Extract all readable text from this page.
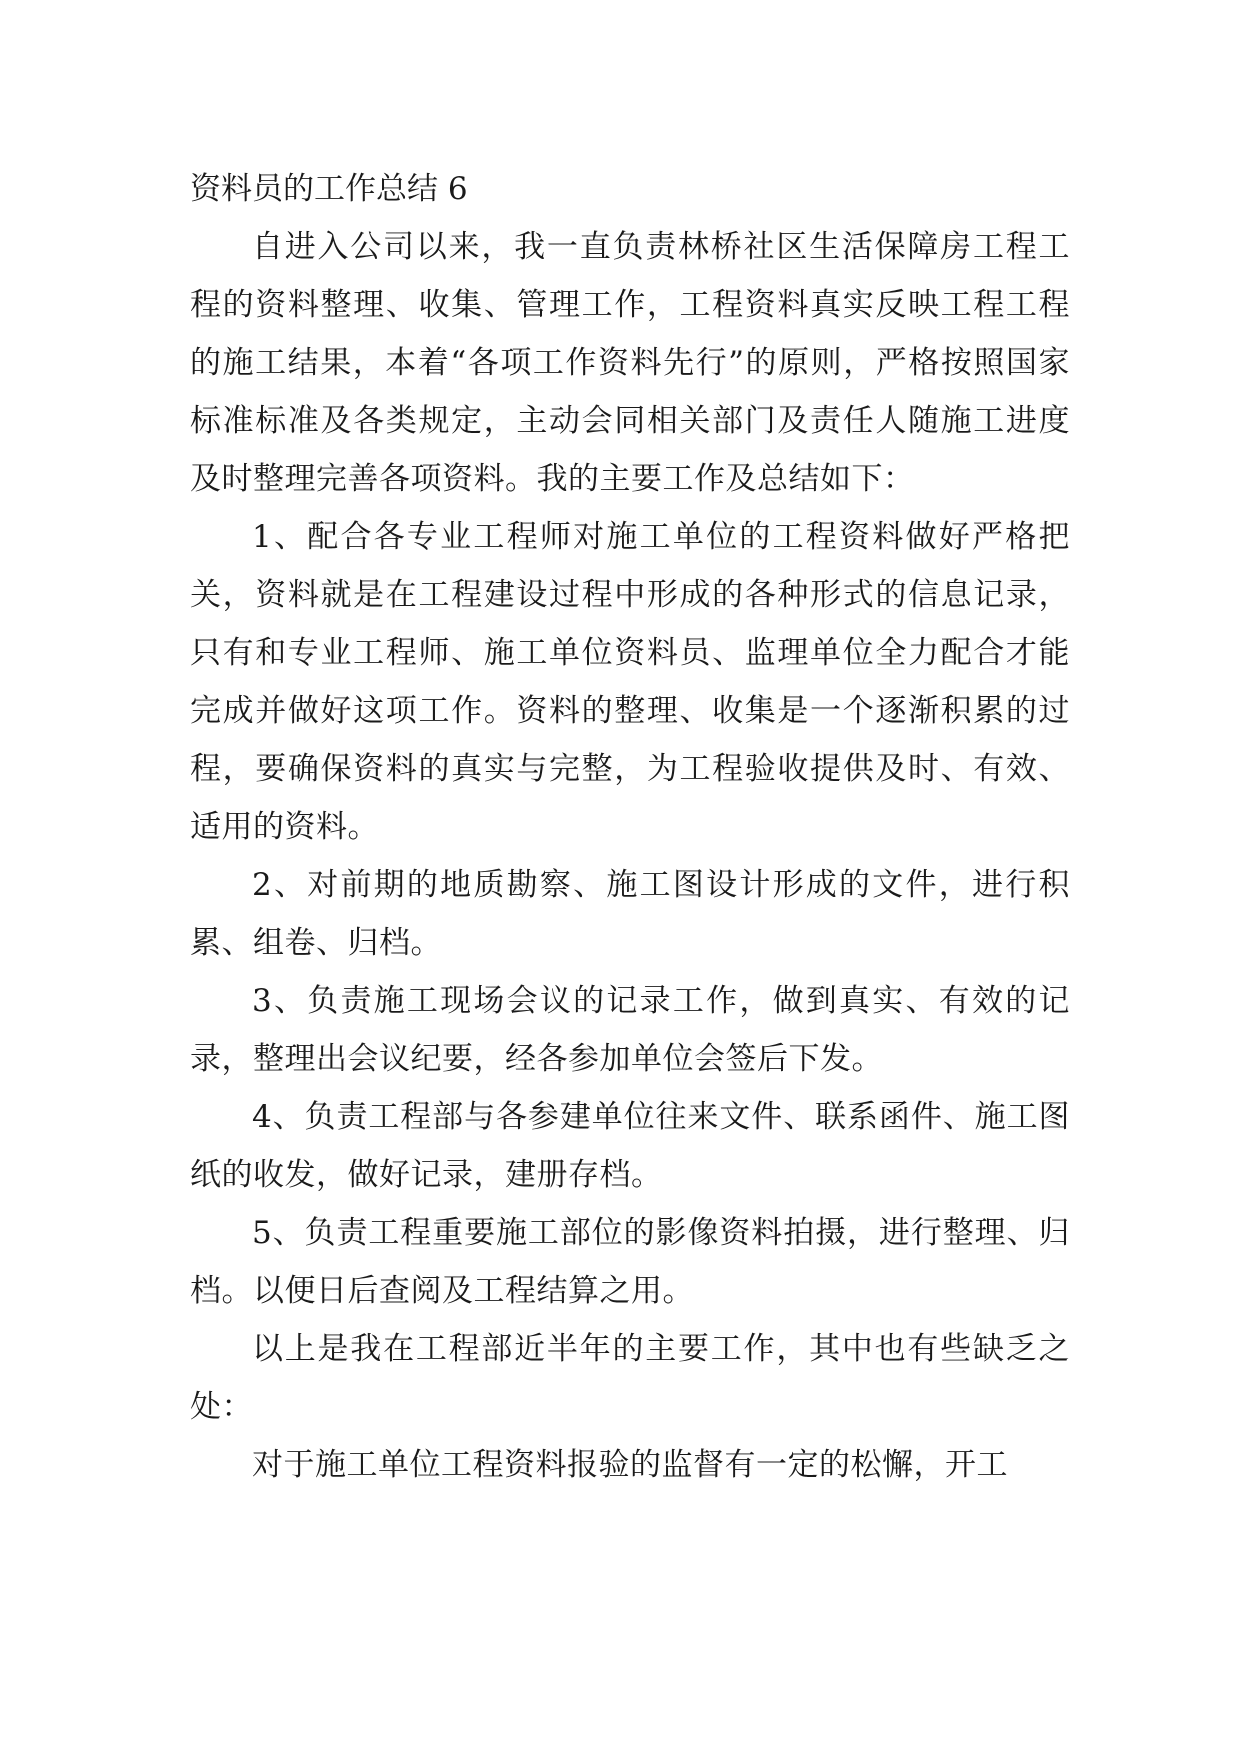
资料员的工作总结 6

自进入公司以来，我一直负责林桥社区生活保障房工程工程的资料整理、收集、管理工作，工程资料真实反映工程工程的施工结果，本着“各项工作资料先行”的原则，严格按照国家标准标准及各类规定，主动会同相关部门及责任人随施工进度及时整理完善各项资料。我的主要工作及总结如下：

1、配合各专业工程师对施工单位的工程资料做好严格把关，资料就是在工程建设过程中形成的各种形式的信息记录，只有和专业工程师、施工单位资料员、监理单位全力配合才能完成并做好这项工作。资料的整理、收集是一个逐渐积累的过程，要确保资料的真实与完整，为工程验收提供及时、有效、适用的资料。

2、对前期的地质勘察、施工图设计形成的文件，进行积累、组卷、归档。

3、负责施工现场会议的记录工作，做到真实、有效的记录，整理出会议纪要，经各参加单位会签后下发。

4、负责工程部与各参建单位往来文件、联系函件、施工图纸的收发，做好记录，建册存档。

5、负责工程重要施工部位的影像资料拍摄，进行整理、归档。以便日后查阅及工程结算之用。

以上是我在工程部近半年的主要工作，其中也有些缺乏之处：

对于施工单位工程资料报验的监督有一定的松懈，开工
